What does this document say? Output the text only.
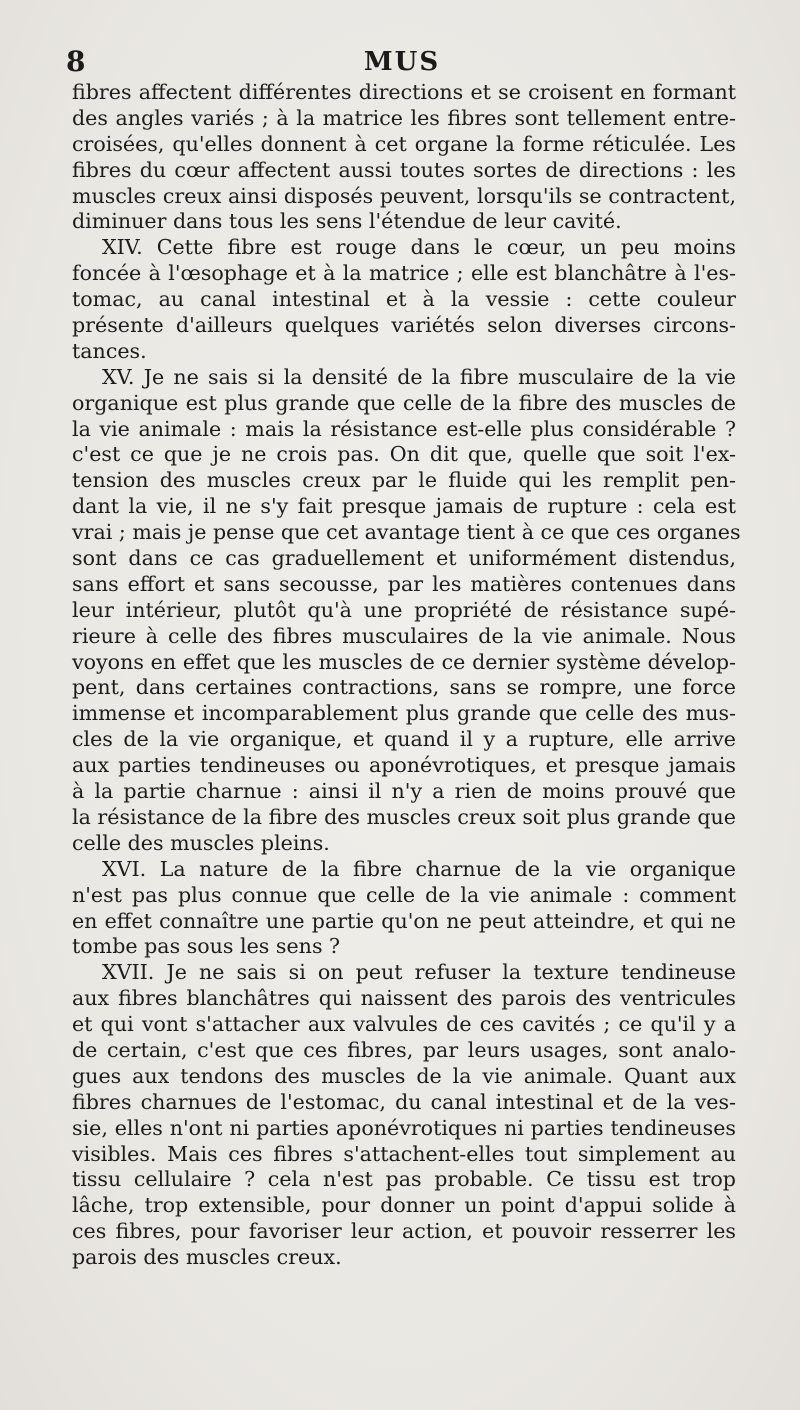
8	MUS
fibres affectent différentes directions et se croisent en formant
des angles variés ; à la matrice les fibres sont tellement entre-
croisées, qu'elles donnent à cet organe la forme réticulée. Les
fibres du cœur affectent aussi toutes sortes de directions : les
muscles creux ainsi disposés peuvent, lorsqu'ils se contractent,
diminuer dans tous les sens l'étendue de leur cavité.
XIV. Cette fibre est rouge dans le cœur, un peu moins
foncée à l'œsophage et à la matrice ; elle est blanchâtre à l'es-
tomac, au canal intestinal et à la vessie : cette couleur
présente d'ailleurs quelques variétés selon diverses circons-
tances.
XV. Je ne sais si la densité de la fibre musculaire de la vie
organique est plus grande que celle de la fibre des muscles de
la vie animale : mais la résistance est-elle plus considérable ?
c'est ce que je ne crois pas. On dit que, quelle que soit l'ex-
tension des muscles creux par le fluide qui les remplit pen-
dant la vie, il ne s'y fait presque jamais de rupture : cela est
vrai ; mais je pense que cet avantage tient à ce que ces organes
sont dans ce cas graduellement et uniformément distendus,
sans effort et sans secousse, par les matières contenues dans
leur intérieur, plutôt qu'à une propriété de résistance supé-
rieure à celle des fibres musculaires de la vie animale. Nous
voyons en effet que les muscles de ce dernier système dévelop-
pent, dans certaines contractions, sans se rompre, une force
immense et incomparablement plus grande que celle des mus-
cles de la vie organique, et quand il y a rupture, elle arrive
aux parties tendineuses ou aponévrotiques, et presque jamais
à la partie charnue : ainsi il n'y a rien de moins prouvé que
la résistance de la fibre des muscles creux soit plus grande que
celle des muscles pleins.
XVI. La nature de la fibre charnue de la vie organique
n'est pas plus connue que celle de la vie animale : comment
en effet connaître une partie qu'on ne peut atteindre, et qui ne
tombe pas sous les sens ?
XVII. Je ne sais si on peut refuser la texture tendineuse
aux fibres blanchâtres qui naissent des parois des ventricules
et qui vont s'attacher aux valvules de ces cavités ; ce qu'il y a
de certain, c'est que ces fibres, par leurs usages, sont analo-
gues aux tendons des muscles de la vie animale. Quant aux
fibres charnues de l'estomac, du canal intestinal et de la ves-
sie, elles n'ont ni parties aponévrotiques ni parties tendineuses
visibles. Mais ces fibres s'attachent-elles tout simplement au
tissu cellulaire ? cela n'est pas probable. Ce tissu est trop
lâche, trop extensible, pour donner un point d'appui solide à
ces fibres, pour favoriser leur action, et pouvoir resserrer les
parois des muscles creux.
